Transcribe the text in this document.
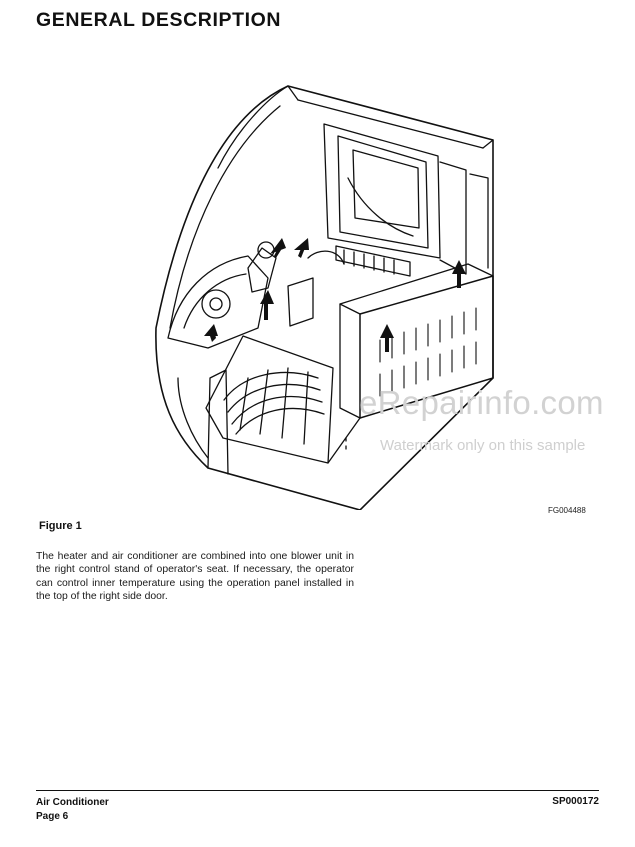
GENERAL DESCRIPTION
FG004488

Figure 1

The heater and air conditioner are combined into one blower unit in the right control stand of operator's seat. If necessary, the operator can control inner temperature using the operation panel installed in the top of the right side door.

eRepairinfo.com
Watermark only on this sample
Air Conditioner
Page 6
SP000172
